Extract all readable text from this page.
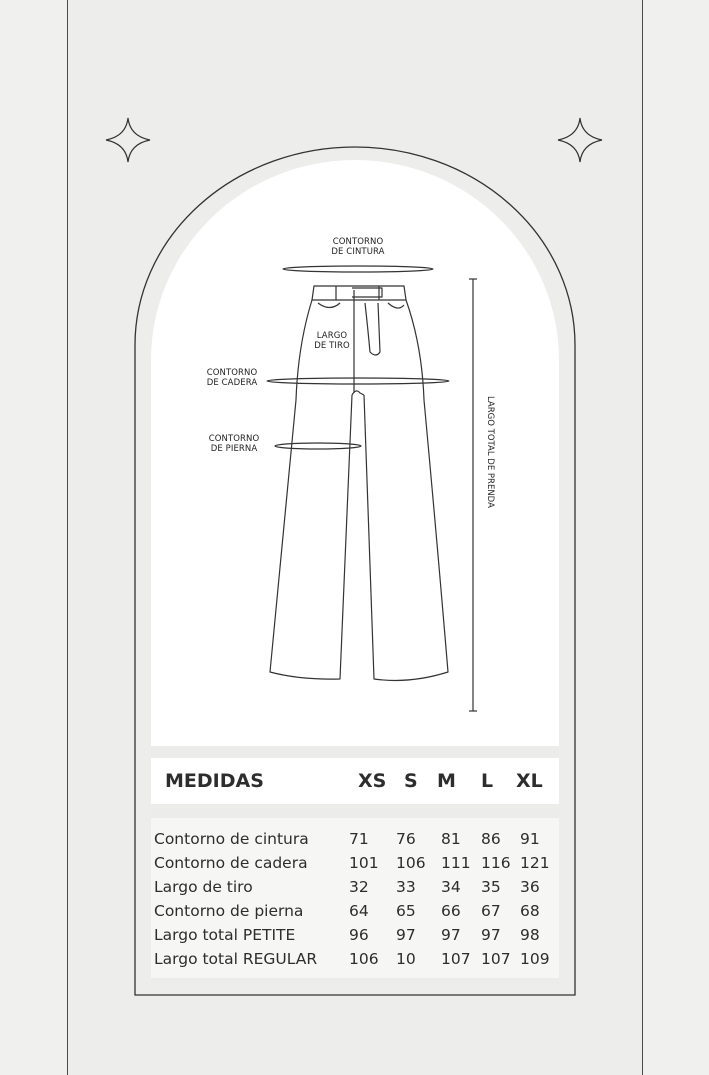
CONTORNO
DE CINTURA
LARGO
DE TIRO
CONTORNO
DE CADERA
CONTORNO
DE PIERNA	LARGO TOTAL DE PRENDA
MEDIDAS	XS S M L XL
Contorno de cintura	71 76 81 86 91
Contorno de cadera	101 106 111 116 121
Largo de tiro	32 33 34 35 36
Contorno de pierna	64 65 66 67 68
Largo total PETITE	96 97 97 97 98
Largo total REGULAR 106 10 107 107 109
